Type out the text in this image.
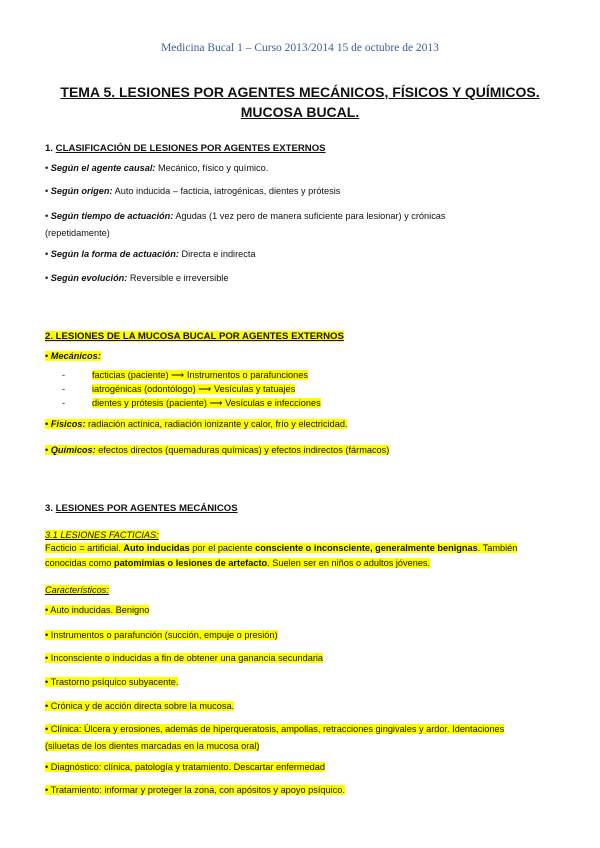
Medicina Bucal 1 – Curso 2013/2014 15 de octubre de 2013
TEMA 5. LESIONES POR AGENTES MECÁNICOS, FÍSICOS Y QUÍMICOS.
MUCOSA BUCAL.
1. CLASIFICACIÓN DE LESIONES POR AGENTES EXTERNOS
• Según el agente causal: Mecánico, físico y químico.
• Según origen: Auto inducida – facticia, iatrogénicas, dientes y prótesis
• Según tiempo de actuación: Agudas (1 vez pero de manera suficiente para lesionar) y crónicas
(repetidamente)
• Según la forma de actuación: Directa e indirecta
• Según evolución: Reversible e irreversible
2. LESIONES DE LA MUCOSA BUCAL POR AGENTES EXTERNOS
• Mecánicos:
-	facticias (paciente) ⟶ Instrumentos o parafunciones
-	iatrogénicas (odontólogo) ⟶ Vesículas y tatuajes
-	dientes y prótesis (paciente) ⟶ Vesículas e infecciones
• Físicos: radiación actínica, radiación ionizante y calor, frío y electricidad.
• Químicos: efectos directos (quemaduras químicas) y efectos indirectos (fármacos)
3. LESIONES POR AGENTES MECÁNICOS
3.1 LESIONES FACTICIAS:
Facticio = artificial. Auto inducidas por el paciente consciente o inconsciente, generalmente benignas. También
conocidas como patomimias o lesiones de artefacto. Suelen ser en niños o adultos jóvenes.
Característicos:
• Auto inducidas. Benigno
• Instrumentos o parafunción (succión, empuje o presión)
• Inconsciente o inducidas a fin de obtener una ganancia secundaria
• Trastorno psíquico subyacente.
• Crónica y de acción directa sobre la mucosa.
• Clínica: Úlcera y erosiones, además de hiperqueratosis, ampollas, retracciones gingivales y ardor. Identaciones
(siluetas de los dientes marcadas en la mucosa oral)
• Diagnóstico: clínica, patología y tratamiento. Descartar enfermedad
• Tratamiento: informar y proteger la zona, con apósitos y apoyo psíquico.
